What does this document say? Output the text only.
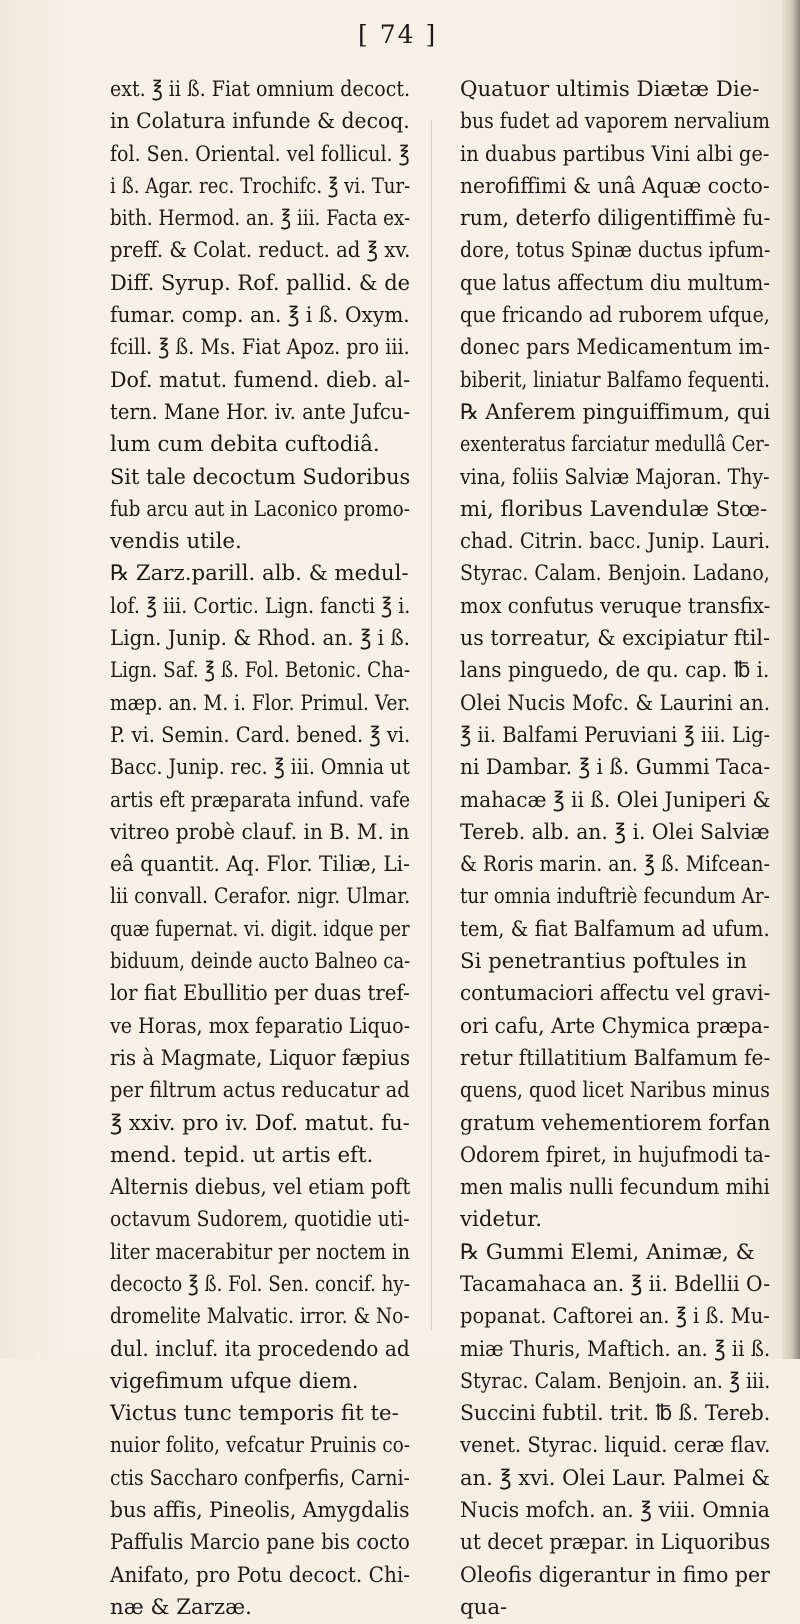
[ 74 ]
ext. ℥ ii ß. Fiat omnium decoct.
in Colatura infunde & decoq.
fol. Sen. Oriental. vel follicul. ℥
i ß. Agar. rec. Trochifc. ℥ vi. Tur-
bith. Hermod. an. ℥ iii. Facta ex-
preff. & Colat. reduct. ad ℥ xv.
Diff. Syrup. Rof. pallid. & de
fumar. comp. an. ℥ i ß. Oxym.
fcill. ℥ ß. Ms. Fiat Apoz. pro iii.
Dof. matut. fumend. dieb. al-
tern. Mane Hor. iv. ante Jufcu-
lum cum debita cuftodiâ.
Sit tale decoctum Sudoribus
fub arcu aut in Laconico promo-
vendis utile.
℞ Zarz.parill. alb. & medul-
lof. ℥ iii. Cortic. Lign. fancti ℥ i.
Lign. Junip. & Rhod. an. ℥ i ß.
Lign. Saf. ℥ ß. Fol. Betonic. Cha-
mæp. an. M. i. Flor. Primul. Ver.
P. vi. Semin. Card. bened. ℥ vi.
Bacc. Junip. rec. ℥ iii. Omnia ut
artis eft præparata infund. vafe
vitreo probè clauf. in B. M. in
eâ quantit. Aq. Flor. Tiliæ, Li-
lii convall. Cerafor. nigr. Ulmar.
quæ fupernat. vi. digit. idque per
biduum, deinde aucto Balneo ca-
lor fiat Ebullitio per duas tref-
ve Horas, mox feparatio Liquo-
ris à Magmate, Liquor fæpius
per filtrum actus reducatur ad
℥ xxiv. pro iv. Dof. matut. fu-
mend. tepid. ut artis eft.
Alternis diebus, vel etiam poft
octavum Sudorem, quotidie uti-
liter macerabitur per noctem in
decocto ℥ ß. Fol. Sen. concif. hy-
dromelite Malvatic. irror. & No-
dul. incluf. ita procedendo ad
vigefimum ufque diem.
Victus tunc temporis fit te-
nuior folito, vefcatur Pruinis co-
ctis Saccharo confperfis, Carni-
bus affis, Pineolis, Amygdalis
Paffulis Marcio pane bis cocto
Anifato, pro Potu decoct. Chi-
næ & Zarzæ.
Quatuor ultimis Diætæ Die-
bus fudet ad vaporem nervalium
in duabus partibus Vini albi ge-
nerofiffimi & unâ Aquæ cocto-
rum, deterfo diligentiffimè fu-
dore, totus Spinæ ductus ipfum-
que latus affectum diu multum-
que fricando ad ruborem ufque,
donec pars Medicamentum im-
biberit, liniatur Balfamo fequenti.
℞ Anferem pinguiffimum, qui
exenteratus farciatur medullâ Cer-
vina, foliis Salviæ Majoran. Thy-
mi, floribus Lavendulæ Stœ-
chad. Citrin. bacc. Junip. Lauri.
Styrac. Calam. Benjoin. Ladano,
mox confutus veruque transfix-
us torreatur, & excipiatur ftil-
lans pinguedo, de qu. cap. ℔ i.
Olei Nucis Mofc. & Laurini an.
℥ ii. Balfami Peruviani ℥ iii. Lig-
ni Dambar. ℥ i ß. Gummi Taca-
mahacæ ℥ ii ß. Olei Juniperi &
Tereb. alb. an. ℥ i. Olei Salviæ
& Roris marin. an. ℥ ß. Mifcean-
tur omnia induftriè fecundum Ar-
tem, & fiat Balfamum ad ufum.
Si penetrantius poftules in
contumaciori affectu vel gravi-
ori cafu, Arte Chymica præpa-
retur ftillatitium Balfamum fe-
quens, quod licet Naribus minus
gratum vehementiorem forfan
Odorem fpiret, in hujufmodi ta-
men malis nulli fecundum mihi
videtur.
℞ Gummi Elemi, Animæ, &
Tacamahaca an. ℥ ii. Bdellii O-
popanat. Caftorei an. ℥ i ß. Mu-
miæ Thuris, Maftich. an. ℥ ii ß.
Styrac. Calam. Benjoin. an. ℥ iii.
Succini fubtil. trit. ℔ ß. Tereb.
venet. Styrac. liquid. ceræ flav.
an. ℥ xvi. Olei Laur. Palmei &
Nucis mofch. an. ℥ viii. Omnia
ut decet præpar. in Liquoribus
Oleofis digerantur in fimo per
qua-
